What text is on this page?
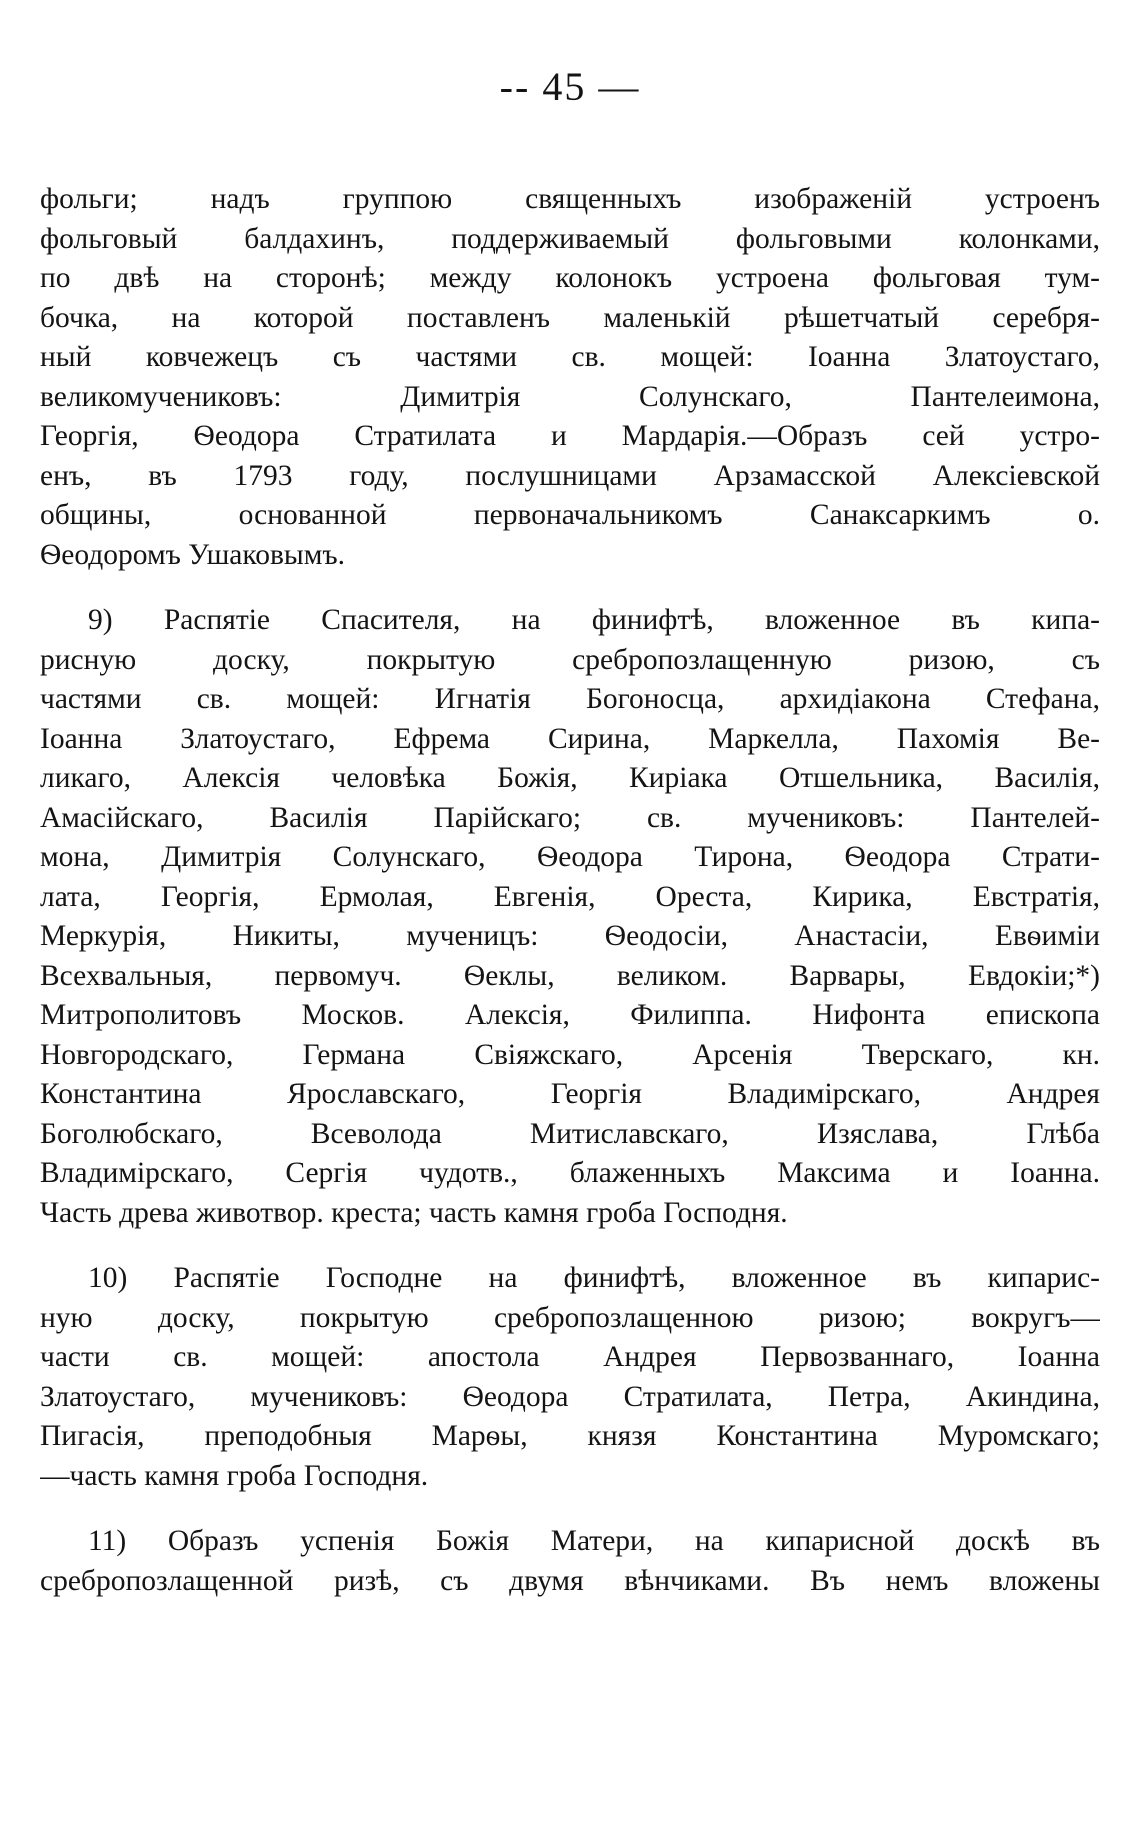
-- 45 —
фольги; надъ группою священныхъ изображеній устроенъ
фольговый балдахинъ, поддерживаемый фольговыми колонками,
по двѣ на сторонѣ; между колонокъ устроена фольговая тум-
бочка, на которой поставленъ маленькій рѣшетчатый серебря-
ный ковчежецъ съ частями св. мощей: Іоанна Златоустаго,
великомучениковъ: Димитрія Солунскаго, Пантелеимона,
Георгія, Ѳеодора Стратилата и Мардарія.—Образъ сей устро-
енъ, въ 1793 году, послушницами Арзамасской Алексіевской
общины, основанной первоначальникомъ Санаксаркимъ о.
Ѳеодоромъ Ушаковымъ.
9) Распятіе Спасителя, на финифтѣ, вложенное въ кипа-
рисную доску, покрытую сребропозлащенную ризою, съ
частями св. мощей: Игнатія Богоносца, архидіакона Стефана,
Іоанна Златоустаго, Ефрема Сирина, Маркелла, Пахомія Ве-
ликаго, Алексія человѣка Божія, Киріака Отшельника, Василія,
Амасійскаго, Василія Парійскаго; св. мучениковъ: Пантелей-
мона, Димитрія Солунскаго, Ѳеодора Тирона, Ѳеодора Страти-
лата, Георгія, Ермолая, Евгенія, Ореста, Кирика, Евстратія,
Меркурія, Никиты, мученицъ: Ѳеодосіи, Анастасіи, Евѳиміи
Всехвальныя, первомуч. Ѳеклы, великом. Варвары, Евдокіи;*)
Митрополитовъ Москов. Алексія, Филиппа. Нифонта епископа
Новгородскаго, Германа Свіяжскаго, Арсенія Тверскаго, кн.
Константина Ярославскаго, Георгія Владимірскаго, Андрея
Боголюбскаго, Всеволода Митиславскаго, Изяслава, Глѣба
Владимірскаго, Сергія чудотв., блаженныхъ Максима и Іоанна.
Часть древа животвор. креста; часть камня гроба Господня.
10) Распятіе Господне на финифтѣ, вложенное въ кипарис-
ную доску, покрытую сребропозлащенною ризою; вокругъ—
части св. мощей: апостола Андрея Первозваннаго, Іоанна
Златоустаго, мучениковъ: Ѳеодора Стратилата, Петра, Акиндина,
Пигасія, преподобныя Марѳы, князя Константина Муромскаго;
—часть камня гроба Господня.
11) Образъ успенія Божія Матери, на кипарисной доскѣ въ
сребропозлащенной ризѣ, съ двумя вѣнчиками. Въ немъ вложены
